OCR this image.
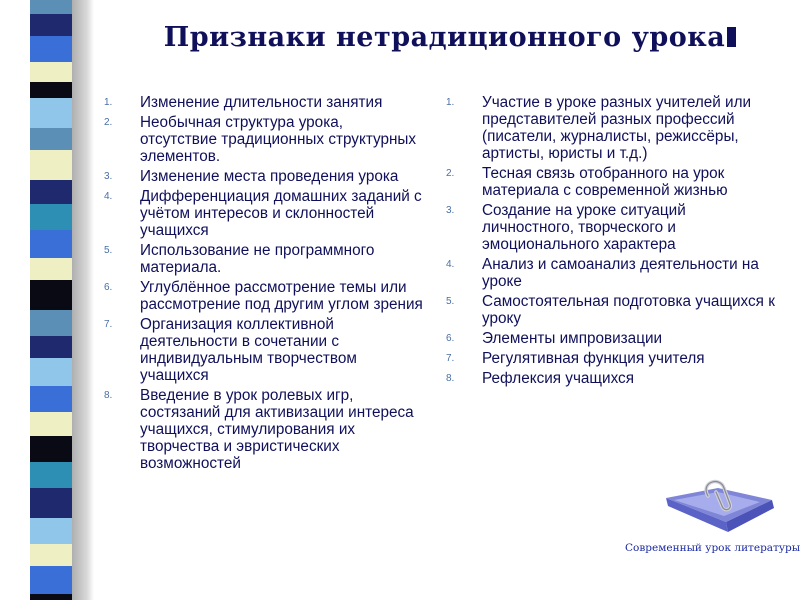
Признаки нетрадиционного урока
1. Изменение длительности занятия
2. Необычная структура урока, отсутствие традиционных структурных элементов.
3. Изменение места проведения урока
4. Дифференциация домашних заданий с учётом интересов и склонностей учащихся
5. Использование не программного материала.
6. Углублённое рассмотрение темы или рассмотрение под другим углом зрения
7. Организация коллективной деятельности в сочетании с индивидуальным творчеством учащихся
8. Введение в урок ролевых игр, состязаний для активизации интереса учащихся, стимулирования их творчества и эвристических возможностей
1. Участие в уроке разных учителей или представителей разных профессий (писатели, журналисты, режиссёры, артисты, юристы и т.д.)
2. Тесная связь отобранного на урок материала с современной жизнью
3. Создание на уроке ситуаций личностного, творческого и эмоционального характера
4. Анализ и самоанализ деятельности на уроке
5. Самостоятельная подготовка учащихся к уроку
6. Элементы импровизации
7. Регулятивная функция учителя
8. Рефлексия учащихся
Современный урок литературы
